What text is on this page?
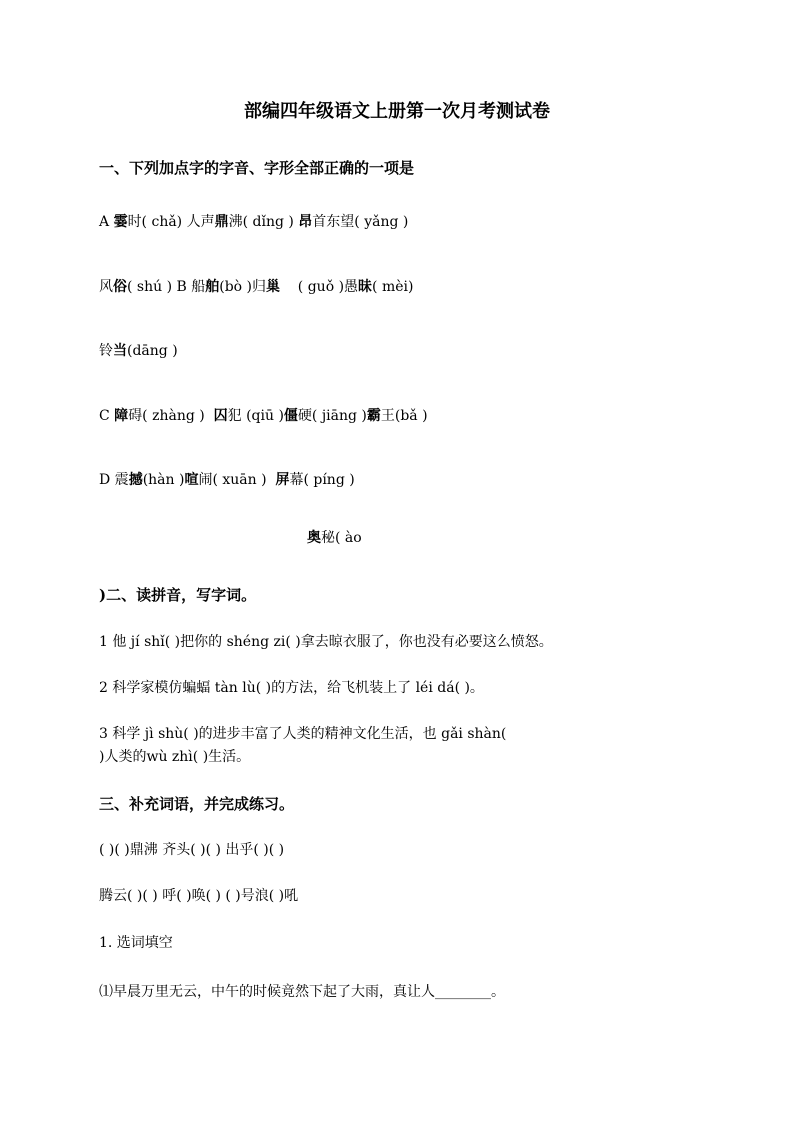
部编四年级语文上册第一次月考测试卷
一、下列加点字的字音、字形全部正确的一项是
A 霎时( chǎ) 人声鼎沸( dǐng ) 昂首东望( yǎng )
风俗( shú ) B 船舶(bò )归巢    ( guǒ )愚昧( mèi)
铃当(dāng )
C 障碍( zhàng )  囚犯 (qiū )僵硬( jiāng )霸王(bǎ )
D 震撼(hàn )喧闹( xuān )  屏幕( píng )
奥秘( ào
)二、读拼音，写字词。
1 他 jí shǐ( )把你的 shéng zi( )拿去晾衣服了，你也没有必要这么愤怒。
2 科学家模仿蝙蝠 tàn lù( )的方法，给飞机装上了 léi dá( )。
3 科学 jì shù( )的进步丰富了人类的精神文化生活，也 gǎi shàn(
)人类的wù zhì( )生活。
三、补充词语，并完成练习。
( )( )鼎沸 齐头( )( ) 出乎( )( )
腾云( )( ) 呼( )唤( ) ( )号浪( )吼
1. 选词填空
⑴早晨万里无云，中午的时候竟然下起了大雨，真让人________。
